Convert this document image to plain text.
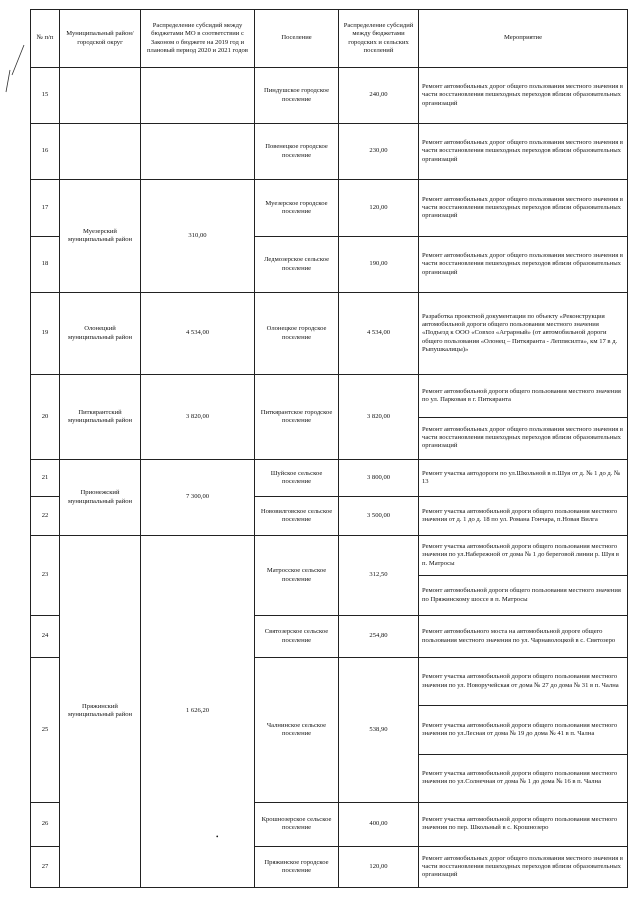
№ п/п	Муниципальный район/городской округ	Распределение субсидий между бюджетами МО в соответствии с Законом о бюджете на 2019 год и плановый период 2020 и 2021 годов	Поселение	Распределение субсидий между бюджетами городских и сельских поселений	Мероприятие
15			Пиндушское городское поселение	240,00	Ремонт автомобильных дорог общего пользования местного значения в части восстановления пешеходных переходов вблизи образовательных организаций

16			Повенецкое городское поселение	230,00	Ремонт автомобильных дорог общего пользования местного значения в части восстановления пешеходных переходов вблизи образовательных организаций

17	Муезерский муниципальный район	310,00	Муезерское городское поселение	120,00	Ремонт автомобильных дорог общего пользования местного значения в части восстановления пешеходных переходов вблизи образовательных организаций

18			Ледмозерское сельское поселение	190,00	Ремонт автомобильных дорог общего пользования местного значения в части восстановления пешеходных переходов вблизи образовательных организаций

19	Олонецкий муниципальный район	4 534,00	Олонецкое городское поселение	4 534,00	Разработка проектной документации по объекту «Реконструкция автомобильной дороги общего пользования местного значения «Подъезд к ООО «Совхоз «Аграрный» (от автомобильной дороги общего пользования «Олонец – Питкяранта - Леппясилта», км 17 в д. Рыпушкалицы)»

20	Питкярантский муниципальный район	3 820,00	Питкярантское городское поселение	3 820,00	Ремонт автомобильной дороги общего пользования местного значения по ул. Парковая в г. Питкяранта
Ремонт автомобильных дорог общего пользования местного значения в части восстановления пешеходных переходов вблизи образовательных организаций

21	Прионежский муниципальный район	7 300,00	Шуйское сельское поселение	3 800,00	Ремонт участка автодороги по ул.Школьной в п.Шуя от д. № 1 до д. № 13

22			Нововилговское сельское поселение	3 500,00	Ремонт участка автомобильной дороги общего пользования местного значения от д. 1 до д. 18 по ул. Романа Гончара, п.Новая Вилга

23	Пряжинский муниципальный район	1 626,20	Матросское сельское поселение	312,50	Ремонт участка автомобильной дороги общего пользования местного значения по ул.Набережной от дома № 1 до береговой линии р. Шуя в п. Матросы
Ремонт автомобильной дороги общего пользования местного значения по Пряжинскому шоссе в п. Матросы

24			Святозерское сельское поселение	254,80	Ремонт автомобильного моста на автомобильной дороге общего пользования местного значения по ул. Чарнаволоцкой в с. Святозеро

25			Чалнинское сельское поселение	538,90	Ремонт участка автомобильной дороги общего пользования местного значения по ул. Новоручейская от дома № 27 до дома № 31 в п. Чална
Ремонт участка автомобильной дороги общего пользования местного значения по ул.Лесная от дома № 19 до дома № 41 в п. Чална
Ремонт участка автомобильной дороги общего пользования местного значения по ул.Солнечная от дома № 1 до дома № 16 в п. Чална

26			Крошнозерское сельское поселение	400,00	Ремонт участка автомобильной дороги общего пользования местного значения по пер. Школьный в с. Крошнозеро

27			Пряжинское городское поселение	120,00	Ремонт автомобильных дорог общего пользования местного значения в части восстановления пешеходных переходов вблизи образовательных организаций
•
